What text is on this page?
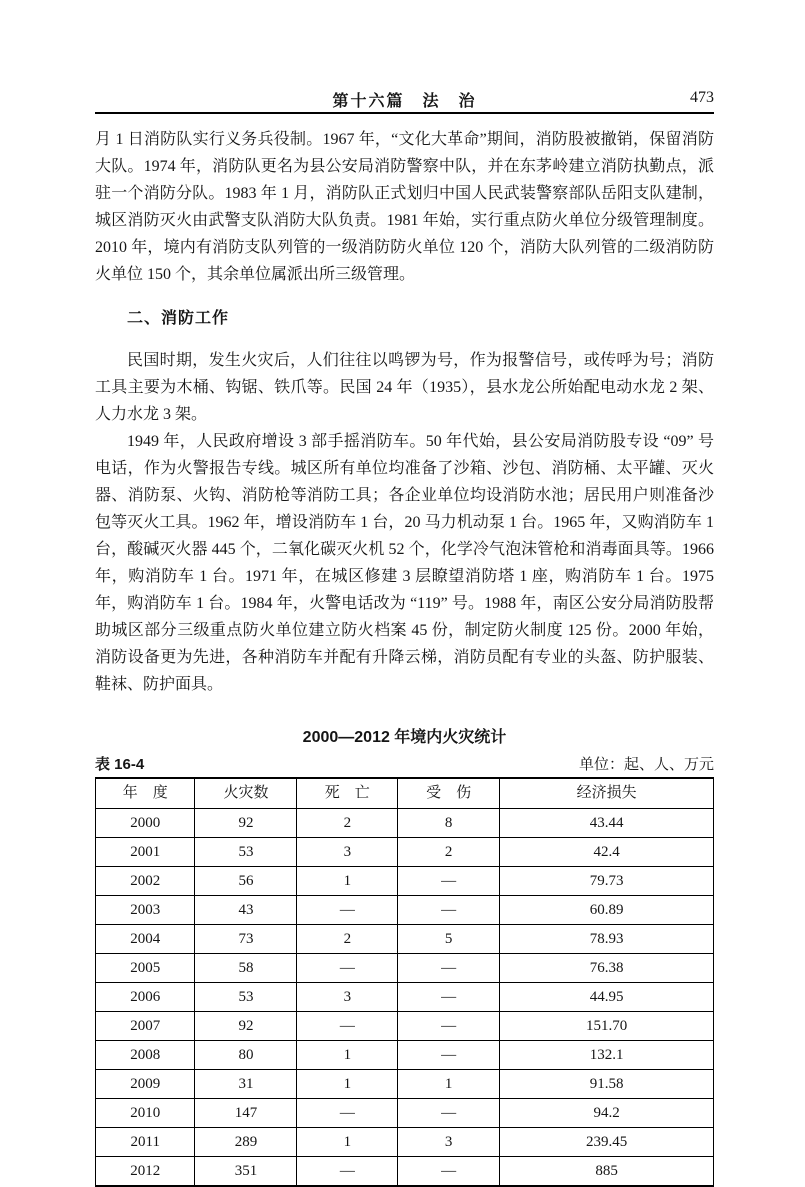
第十六篇　法　治	473

月 1 日消防队实行义务兵役制。1967 年，“文化大革命”期间，消防股被撤销，保留消防大队。1974 年，消防队更名为县公安局消防警察中队，并在东茅岭建立消防执勤点，派驻一个消防分队。1983 年 1 月，消防队正式划归中国人民武装警察部队岳阳支队建制，城区消防灭火由武警支队消防大队负责。1981 年始，实行重点防火单位分级管理制度。2010 年，境内有消防支队列管的一级消防防火单位 120 个，消防大队列管的二级消防防火单位 150 个，其余单位属派出所三级管理。

二、消防工作

民国时期，发生火灾后，人们往往以鸣锣为号，作为报警信号，或传呼为号；消防工具主要为木桶、钩锯、铁爪等。民国 24 年（1935），县水龙公所始配电动水龙 2 架、人力水龙 3 架。

1949 年，人民政府增设 3 部手摇消防车。50 年代始，县公安局消防股专设 “09” 号电话，作为火警报告专线。城区所有单位均准备了沙箱、沙包、消防桶、太平罐、灭火器、消防泵、火钩、消防枪等消防工具；各企业单位均设消防水池；居民用户则准备沙包等灭火工具。1962 年，增设消防车 1 台，20 马力机动泵 1 台。1965 年，又购消防车 1 台，酸碱灭火器 445 个，二氧化碳灭火机 52 个，化学冷气泡沫管枪和消毒面具等。1966 年，购消防车 1 台。1971 年，在城区修建 3 层瞭望消防塔 1 座，购消防车 1 台。1975 年，购消防车 1 台。1984 年，火警电话改为 “119” 号。1988 年，南区公安分局消防股帮助城区部分三级重点防火单位建立防火档案 45 份，制定防火制度 125 份。2000 年始，消防设备更为先进，各种消防车并配有升降云梯，消防员配有专业的头盔、防护服装、鞋袜、防护面具。

2000—2012 年境内火灾统计
表 16-4	单位：起、人、万元
年　度	火灾数	死　亡	受　伤	经济损失
2000	92	2	8	43.44
2001	53	3	2	42.4
2002	56	1	—	79.73
2003	43	—	—	60.89
2004	73	2	5	78.93
2005	58	—	—	76.38
2006	53	3	—	44.95
2007	92	—	—	151.70
2008	80	1	—	132.1
2009	31	1	1	91.58
2010	147	—	—	94.2
2011	289	1	3	239.45
2012	351	—	—	885
